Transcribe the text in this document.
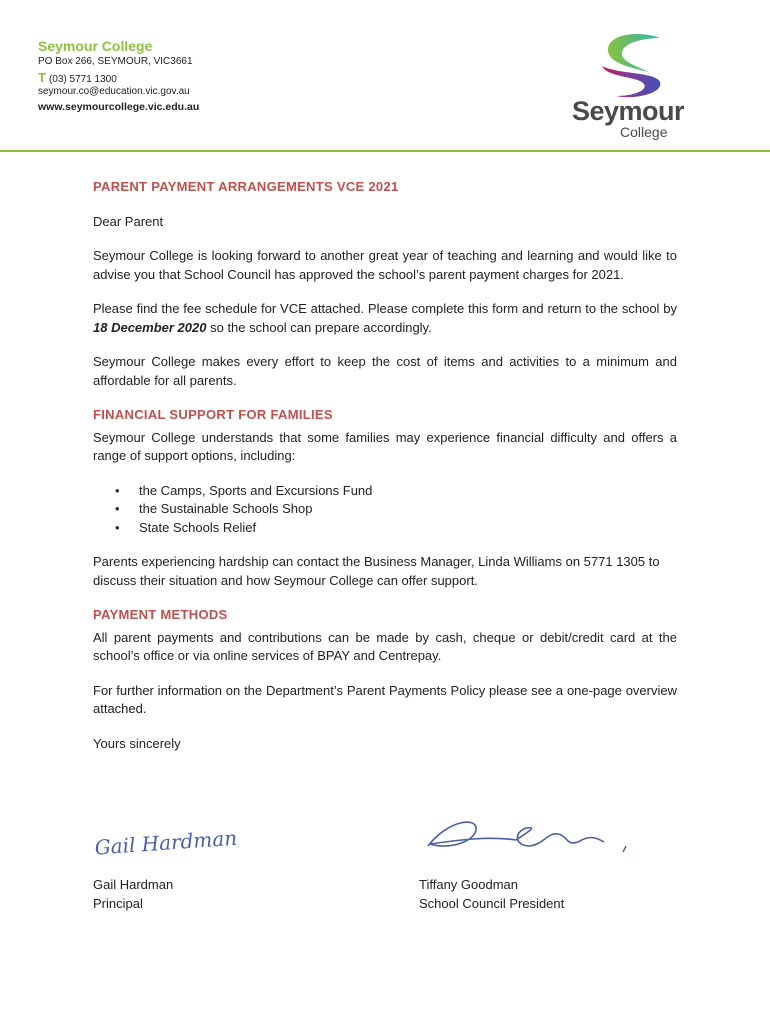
Seymour College
PO Box 266, SEYMOUR, VIC3661
T (03) 5771 1300
seymour.co@education.vic.gov.au
www.seymourcollege.vic.edu.au	Seymour
College
PARENT PAYMENT ARRANGEMENTS VCE 2021

Dear Parent

Seymour College is looking forward to another great year of teaching and learning and would like to advise you that School Council has approved the school’s parent payment charges for 2021.

Please find the fee schedule for VCE attached. Please complete this form and return to the school by 18 December 2020 so the school can prepare accordingly.

Seymour College makes every effort to keep the cost of items and activities to a minimum and affordable for all parents.

FINANCIAL SUPPORT FOR FAMILIES

Seymour College understands that some families may experience financial difficulty and offers a range of support options, including:

• the Camps, Sports and Excursions Fund
• the Sustainable Schools Shop
• State Schools Relief

Parents experiencing hardship can contact the Business Manager, Linda Williams on 5771 1305 to discuss their situation and how Seymour College can offer support.

PAYMENT METHODS

All parent payments and contributions can be made by cash, cheque or debit/credit card at the school’s office or via online services of BPAY and Centrepay.

For further information on the Department’s Parent Payments Policy please see a one-page overview attached.

Yours sincerely

Gail Hardman
T Goodman
Gail Hardman
Principal
Tiffany Goodman
School Council President
